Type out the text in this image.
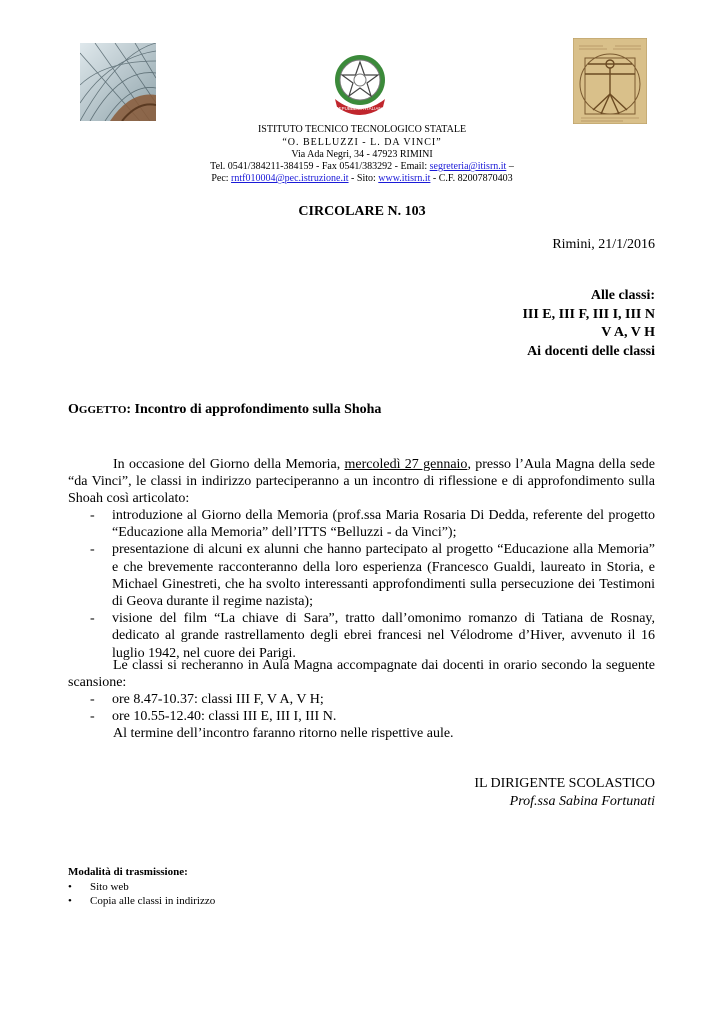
REPUBBLICA ITALIANA
ISTITUTO TECNICO TECNOLOGICO STATALE
“O. BELLUZZI - L. DA VINCI”
Via Ada Negri, 34 - 47923 RIMINI
Tel. 0541/384211-384159 - Fax 0541/383292 - Email: segreteria@itisrn.it –
Pec: rntf010004@pec.istruzione.it - Sito: www.itisrn.it - C.F. 82007870403
CIRCOLARE N. 103
Rimini, 21/1/2016
Alle classi:
III E, III F, III I, III N
V A, V H
Ai docenti delle classi
OGGETTO: Incontro di approfondimento sulla Shoha
In occasione del Giorno della Memoria, mercoledì 27 gennaio, presso l’Aula Magna della sede “da Vinci”, le classi in indirizzo parteciperanno a un incontro di riflessione e di approfondimento sulla Shoah così articolato:
- introduzione al Giorno della Memoria (prof.ssa Maria Rosaria Di Dedda, referente del progetto “Educazione alla Memoria” dell’ITTS “Belluzzi - da Vinci”);
- presentazione di alcuni ex alunni che hanno partecipato al progetto “Educazione alla Memoria” e che brevemente racconteranno della loro esperienza (Francesco Gualdi, laureato in Storia, e Michael Ginestreti, che ha svolto interessanti approfondimenti sulla persecuzione dei Testimoni di Geova durante il regime nazista);
- visione del film “La chiave di Sara”, tratto dall’omonimo romanzo di Tatiana de Rosnay, dedicato al grande rastrellamento degli ebrei francesi nel Vélodrome d’Hiver, avvenuto il 16 luglio 1942, nel cuore dei Parigi.
Le classi si recheranno in Aula Magna accompagnate dai docenti in orario secondo la seguente scansione:
- ore 8.47-10.37: classi III F, V A, V H;
- ore 10.55-12.40: classi III E, III I, III N.
Al termine dell’incontro faranno ritorno nelle rispettive aule.
IL DIRIGENTE SCOLASTICO
Prof.ssa Sabina Fortunati
Modalità di trasmissione:
• Sito web
• Copia alle classi in indirizzo
